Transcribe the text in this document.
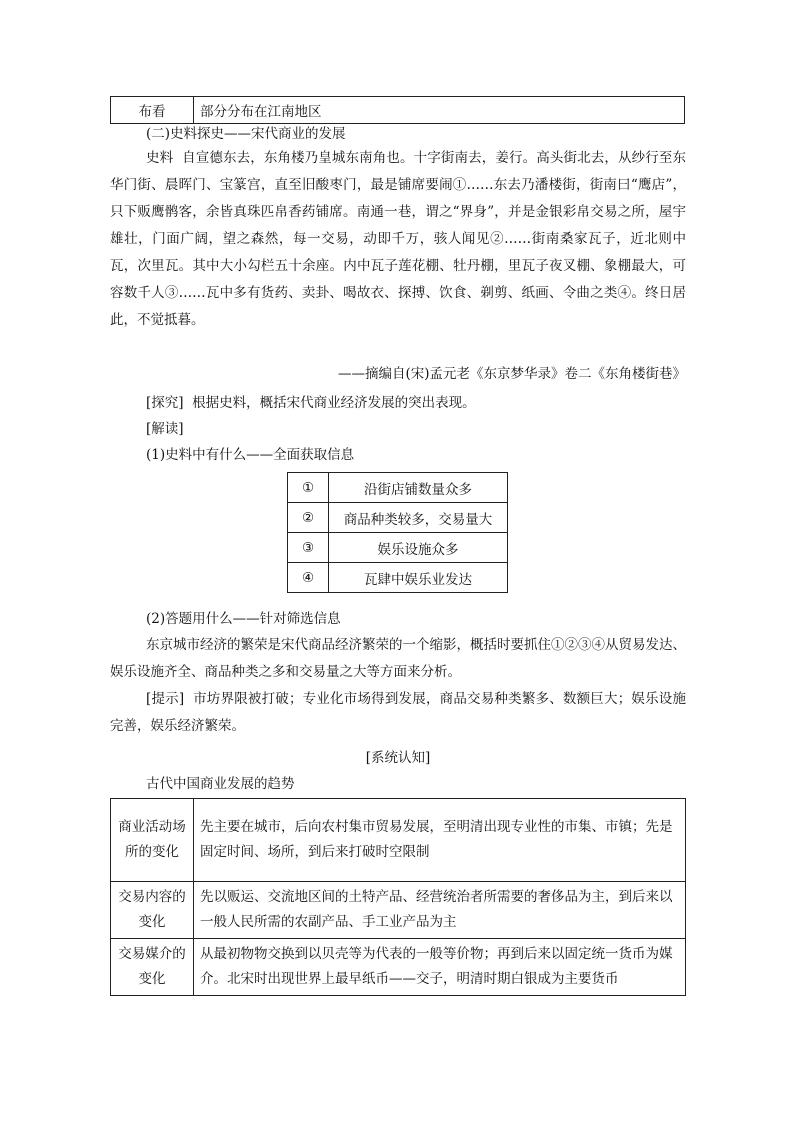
布看	部分分布在江南地区
(二)史料探史——宋代商业的发展
史料 自宣德东去，东角楼乃皇城东南角也。十字街南去，姜行。高头街北去，从纱行至东华门街、晨晖门、宝篆宫，直至旧酸枣门，最是铺席要闹①……东去乃潘楼街，街南曰“鹰店”，只下贩鹰鹘客，余皆真珠匹帛香药铺席。南通一巷，谓之“界身”，并是金银彩帛交易之所，屋宇雄壮，门面广阔，望之森然，每一交易，动即千万，骇人闻见②……街南桑家瓦子，近北则中瓦，次里瓦。其中大小勾栏五十余座。内中瓦子莲花棚、牡丹棚，里瓦子夜叉棚、象棚最大，可容数千人③……瓦中多有货药、卖卦、喝故衣、探搏、饮食、剃剪、纸画、令曲之类④。终日居此，不觉抵暮。
——摘编自(宋)孟元老《东京梦华录》卷二《东角楼街巷》
[探究] 根据史料，概括宋代商业经济发展的突出表现。
[解读]
(1)史料中有什么——全面获取信息
①	沿街店铺数量众多
②	商品种类较多，交易量大
③	娱乐设施众多
④	瓦肆中娱乐业发达
(2)答题用什么——针对筛选信息
东京城市经济的繁荣是宋代商品经济繁荣的一个缩影，概括时要抓住①②③④从贸易发达、娱乐设施齐全、商品种类之多和交易量之大等方面来分析。
[提示] 市坊界限被打破；专业化市场得到发展，商品交易种类繁多、数额巨大；娱乐设施完善，娱乐经济繁荣。
[系统认知]
古代中国商业发展的趋势
商业活动场所的变化	先主要在城市，后向农村集市贸易发展，至明清出现专业性的市集、市镇；先是固定时间、场所，到后来打破时空限制
交易内容的变化	先以贩运、交流地区间的土特产品、经营统治者所需要的奢侈品为主，到后来以一般人民所需的农副产品、手工业产品为主
交易媒介的变化	从最初物物交换到以贝壳等为代表的一般等价物；再到后来以固定统一货币为媒介。北宋时出现世界上最早纸币——交子，明清时期白银成为主要货币
